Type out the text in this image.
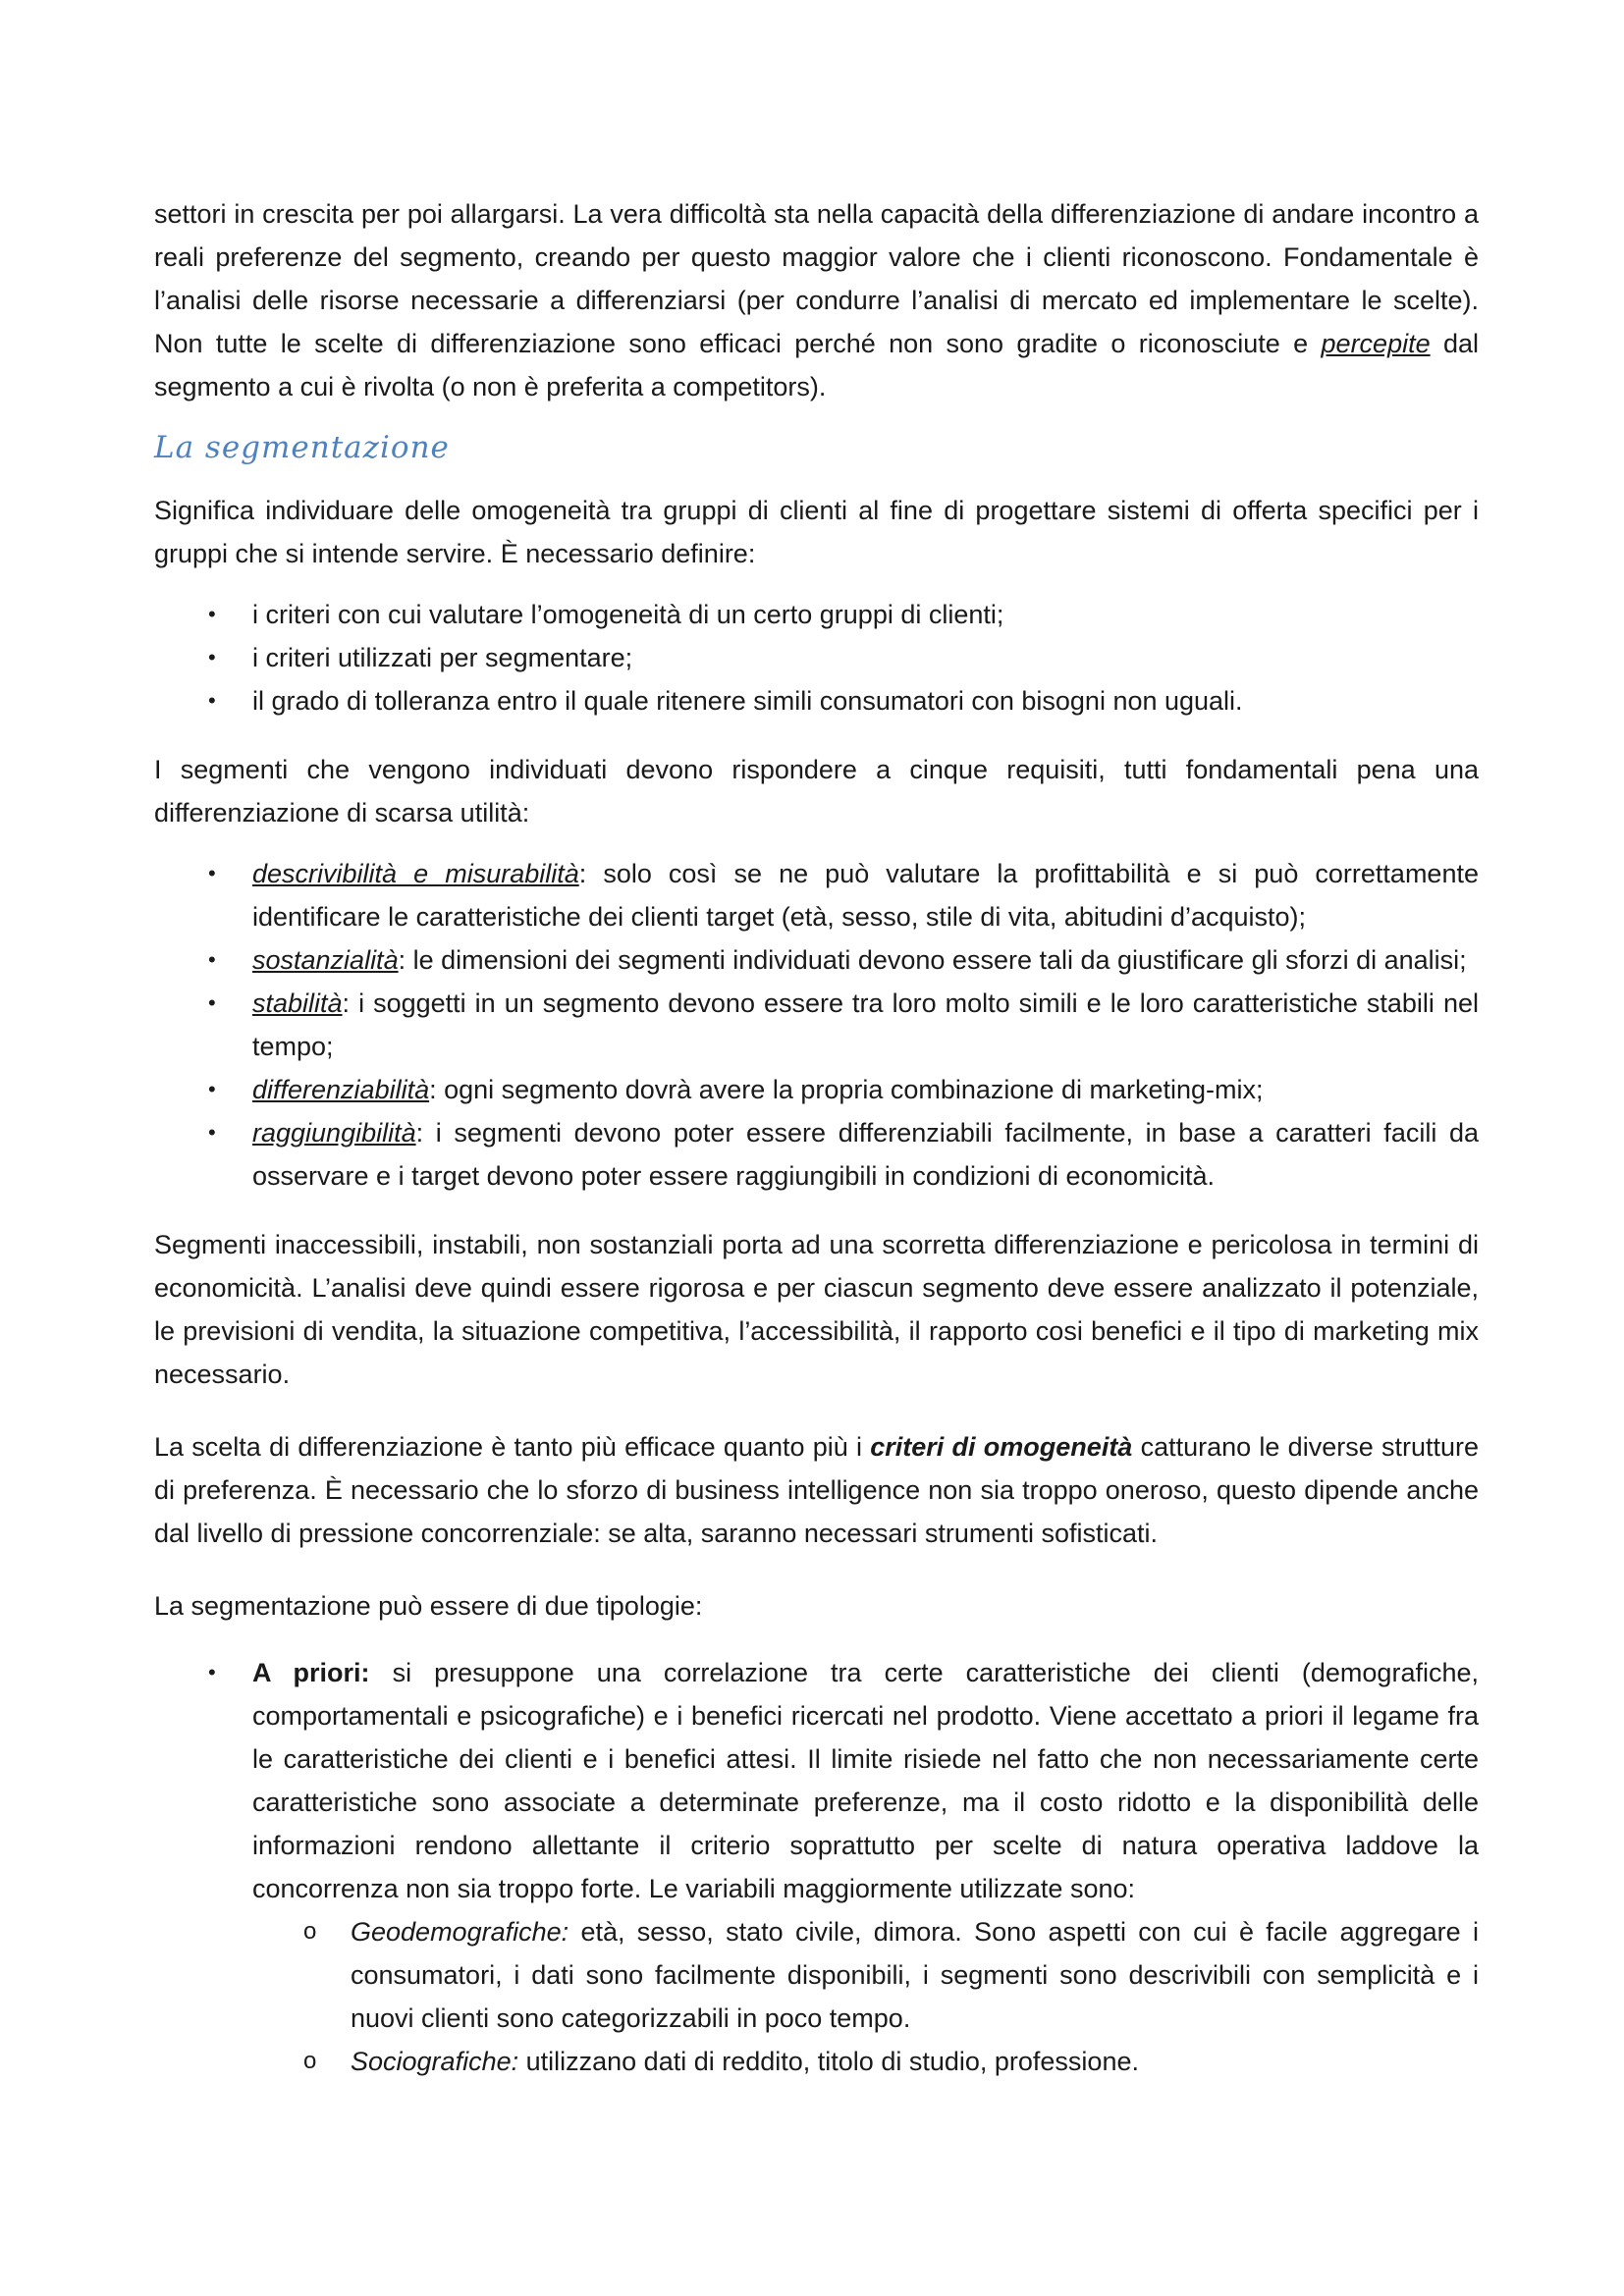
settori in crescita per poi allargarsi. La vera difficoltà sta nella capacità della differenziazione di andare incontro a reali preferenze del segmento, creando per questo maggior valore che i clienti riconoscono. Fondamentale è l’analisi delle risorse necessarie a differenziarsi (per condurre l’analisi di mercato ed implementare le scelte). Non tutte le scelte di differenziazione sono efficaci perché non sono gradite o riconosciute e percepite dal segmento a cui è rivolta (o non è preferita a competitors).

La segmentazione

Significa individuare delle omogeneità tra gruppi di clienti al fine di progettare sistemi di offerta specifici per i gruppi che si intende servire. È necessario definire:

• i criteri con cui valutare l’omogeneità di un certo gruppi di clienti;
• i criteri utilizzati per segmentare;
• il grado di tolleranza entro il quale ritenere simili consumatori con bisogni non uguali.

I segmenti che vengono individuati devono rispondere a cinque requisiti, tutti fondamentali pena una differenziazione di scarsa utilità:

• descrivibilità e misurabilità: solo così se ne può valutare la profittabilità e si può correttamente identificare le caratteristiche dei clienti target (età, sesso, stile di vita, abitudini d’acquisto);
• sostanzialità: le dimensioni dei segmenti individuati devono essere tali da giustificare gli sforzi di analisi;
• stabilità: i soggetti in un segmento devono essere tra loro molto simili e le loro caratteristiche stabili nel tempo;
• differenziabilità: ogni segmento dovrà avere la propria combinazione di marketing-mix;
• raggiungibilità: i segmenti devono poter essere differenziabili facilmente, in base a caratteri facili da osservare e i target devono poter essere raggiungibili in condizioni di economicità.

Segmenti inaccessibili, instabili, non sostanziali porta ad una scorretta differenziazione e pericolosa in termini di economicità. L’analisi deve quindi essere rigorosa e per ciascun segmento deve essere analizzato il potenziale, le previsioni di vendita, la situazione competitiva, l’accessibilità, il rapporto cosi benefici e il tipo di marketing mix necessario.

La scelta di differenziazione è tanto più efficace quanto più i criteri di omogeneità catturano le diverse strutture di preferenza. È necessario che lo sforzo di business intelligence non sia troppo oneroso, questo dipende anche dal livello di pressione concorrenziale: se alta, saranno necessari strumenti sofisticati.

La segmentazione può essere di due tipologie:

• A priori: si presuppone una correlazione tra certe caratteristiche dei clienti (demografiche, comportamentali e psicografiche) e i benefici ricercati nel prodotto. Viene accettato a priori il legame fra le caratteristiche dei clienti e i benefici attesi. Il limite risiede nel fatto che non necessariamente certe caratteristiche sono associate a determinate preferenze, ma il costo ridotto e la disponibilità delle informazioni rendono allettante il criterio soprattutto per scelte di natura operativa laddove la concorrenza non sia troppo forte. Le variabili maggiormente utilizzate sono:
o	Geodemografiche: età, sesso, stato civile, dimora. Sono aspetti con cui è facile aggregare i consumatori, i dati sono facilmente disponibili, i segmenti sono descrivibili con semplicità e i nuovi clienti sono categorizzabili in poco tempo.
o	Sociografiche: utilizzano dati di reddito, titolo di studio, professione.
